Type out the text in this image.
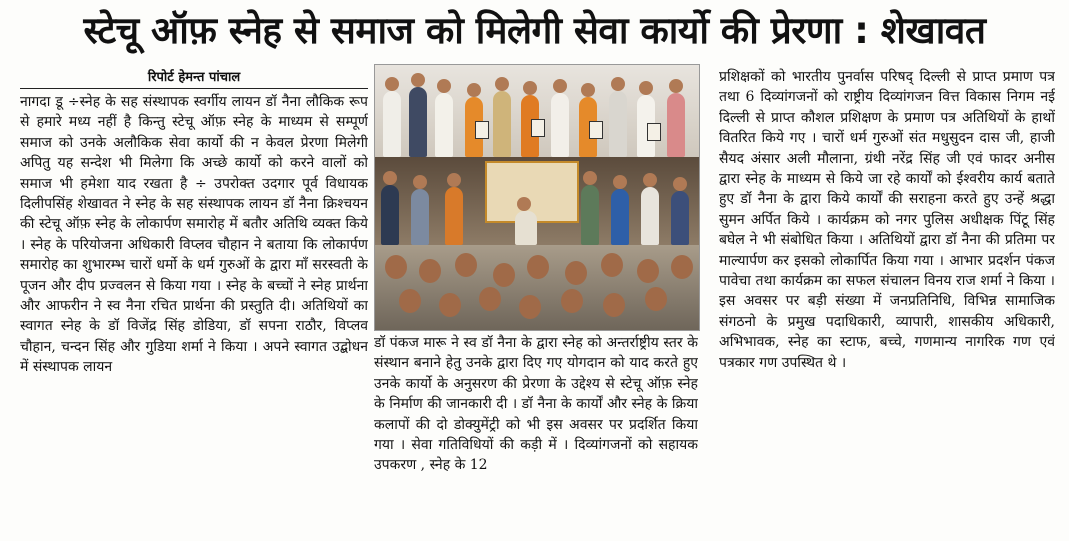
स्टेचू ऑफ़ स्नेह से समाज को मिलेगी सेवा कार्यो की प्रेरणा : शेखावत
रिपोर्ट हेमन्त पांचाल

नागदा डू ÷स्नेह के सह संस्थापक स्वर्गीय लायन डॉ नैना लौकिक रूप से हमारे मध्य नहीं है किन्तु स्टेचू ऑफ़ स्नेह के माध्यम से सम्पूर्ण समाज को उनके अलौकिक सेवा कार्यो की न केवल प्रेरणा मिलेगी अपितु यह सन्देश भी मिलेगा कि अच्छे कार्यो को करने वालों को समाज भी हमेशा याद रखता है ÷ उपरोक्त उदगार पूर्व विधायक दिलीपसिंह शेखावत ने स्नेह के सह संस्थापक लायन डॉ नैना क्रिश्चयन की स्टेचू ऑफ़ स्नेह के लोकार्पण समारोह में बतौर अतिथि व्यक्त किये । स्नेह के परियोजना अधिकारी विप्लव चौहान ने बताया कि लोकार्पण समारोह का शुभारम्भ चारों धर्मो के धर्म गुरुओं के द्वारा माँ सरस्वती के पूजन और दीप प्रज्वलन से किया गया । स्नेह के बच्चों ने स्नेह प्रार्थना और आफरीन ने स्व नैना रचित प्रार्थना की प्रस्तुति दी। अतिथियों का स्वागत स्नेह के डॉ विजेंद्र सिंह डोडिया, डॉ सपना राठौर, विप्लव चौहान, चन्दन सिंह और गुडिया शर्मा ने किया । अपने स्वागत उद्बोधन में संस्थापक लायन

डॉ पंकज मारू ने स्व डॉ नैना के द्वारा स्नेह को अन्तर्राष्ट्रीय स्तर के संस्थान बनाने हेतु उनके द्वारा दिए गए योगदान को याद करते हुए उनके कार्यो के अनुसरण की प्रेरणा के उद्देश्य से स्टेचू ऑफ़ स्नेह के निर्माण की जानकारी दी । डॉ नैना के कार्यों और स्नेह के क्रिया कलापों की दो डोक्युमेंट्री को भी इस अवसर पर प्रदर्शित किया गया । सेवा गतिविधियों की कड़ी में । दिव्यांगजनों को सहायक उपकरण , स्नेह के 12

प्रशिक्षकों को भारतीय पुनर्वास परिषद् दिल्ली से प्राप्त प्रमाण पत्र तथा 6 दिव्यांगजनों को राष्ट्रीय दिव्यांगजन वित्त विकास निगम नई दिल्ली से प्राप्त कौशल प्रशिक्षण के प्रमाण पत्र अतिथियों के हाथों वितरित किये गए । चारों धर्म गुरुओं संत मधुसुदन दास जी, हाजी सैयद अंसार अली मौलाना, ग्रंथी नरेंद्र सिंह जी एवं फादर अनीस द्वारा स्नेह के माध्यम से किये जा रहे कार्यों को ईश्वरीय कार्य बताते हुए डॉ नैना के द्वारा किये कार्यों की सराहना करते हुए उन्हें श्रद्धा सुमन अर्पित किये । कार्यक्रम को नगर पुलिस अधीक्षक पिंटू सिंह बघेल ने भी संबोधित किया । अतिथियों द्वारा डॉ नैना की प्रतिमा पर माल्यार्पण कर इसको लोकार्पित किया गया । आभार प्रदर्शन पंकज पावेचा तथा कार्यक्रम का सफल संचालन विनय राज शर्मा ने किया । इस अवसर पर बड़ी संख्या में जनप्रतिनिधि, विभिन्न सामाजिक संगठनो के प्रमुख पदाधिकारी, व्यापारी, शासकीय अधिकारी, अभिभावक, स्नेह का स्टाफ, बच्चे, गणमान्य नागरिक गण एवं पत्रकार गण उपस्थित थे ।
